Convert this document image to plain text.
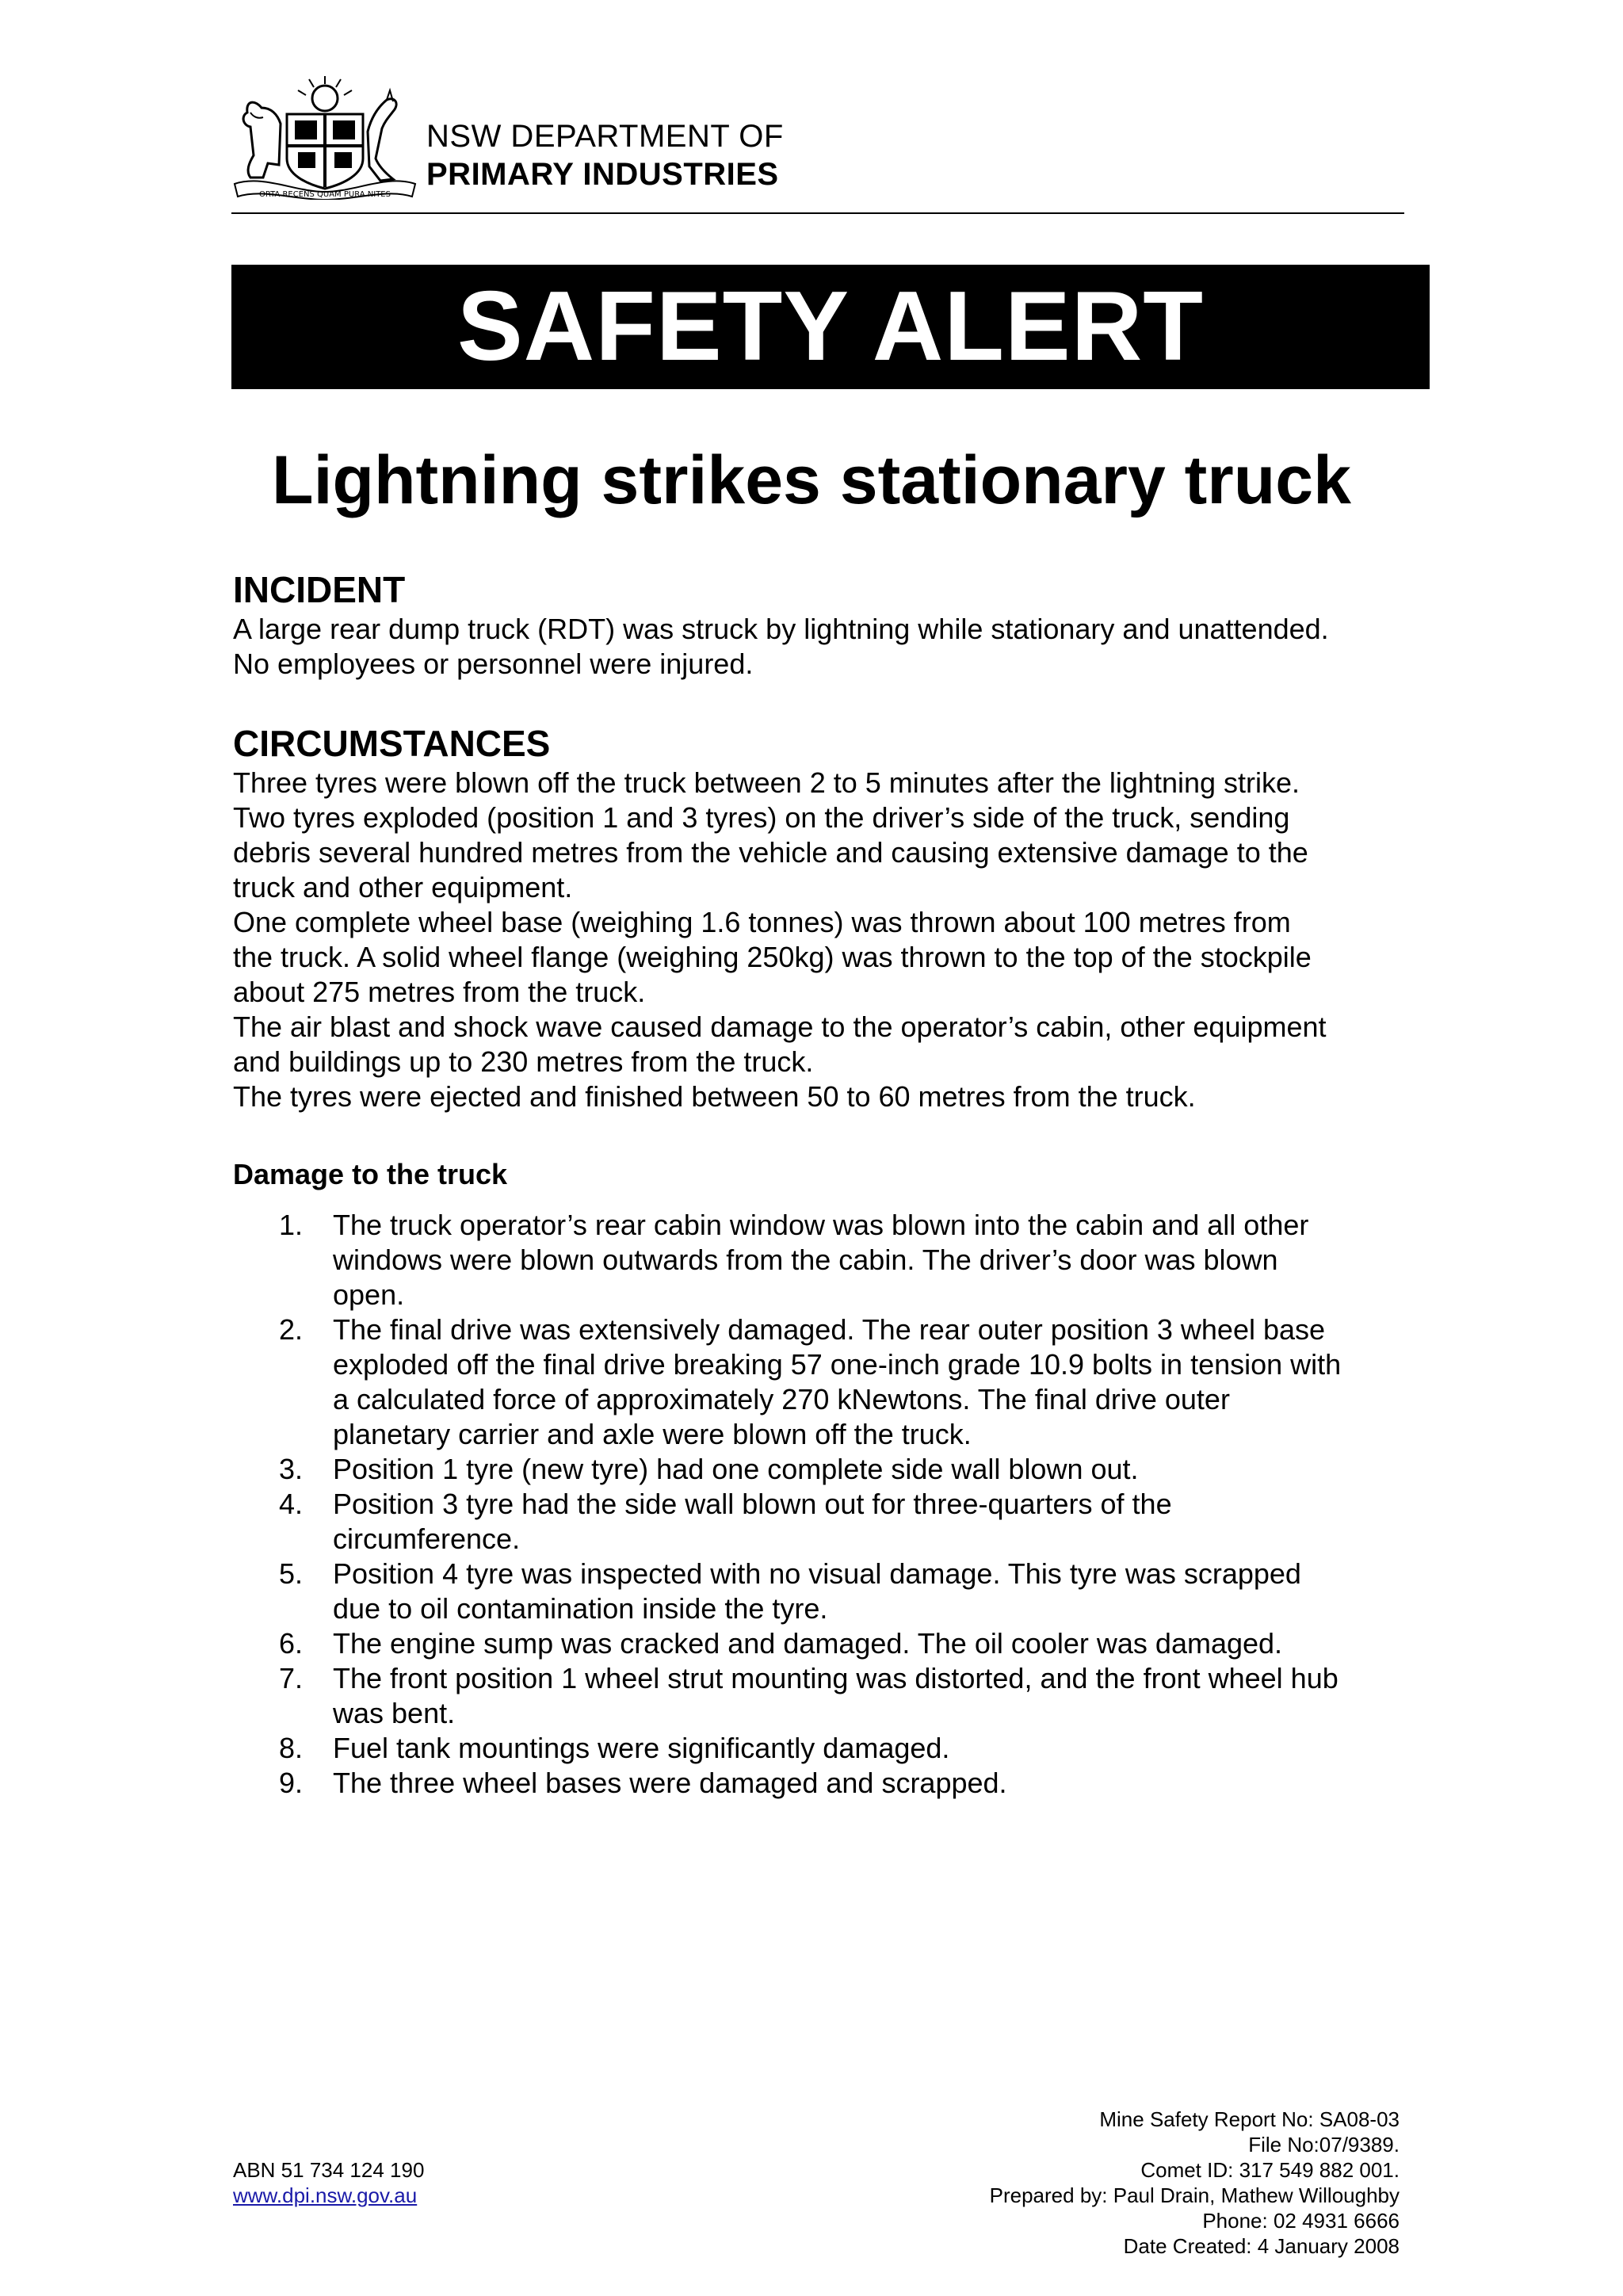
ORTA RECENS QUAM PURA NITES
NSW DEPARTMENT OF
PRIMARY INDUSTRIES
SAFETY ALERT
Lightning strikes stationary truck
INCIDENT

A large rear dump truck (RDT) was struck by lightning while stationary and unattended.
No employees or personnel were injured.

CIRCUMSTANCES

Three tyres were blown off the truck between 2 to 5 minutes after the lightning strike.
Two tyres exploded (position 1 and 3 tyres) on the driver’s side of the truck, sending
debris several hundred metres from the vehicle and causing extensive damage to the
truck and other equipment.
One complete wheel base (weighing 1.6 tonnes) was thrown about 100 metres from
the truck. A solid wheel flange (weighing 250kg) was thrown to the top of the stockpile
about 275 metres from the truck.
The air blast and shock wave caused damage to the operator’s cabin, other equipment
and buildings up to 230 metres from the truck.
The tyres were ejected and finished between 50 to 60 metres from the truck.

Damage to the truck
1. The truck operator’s rear cabin window was blown into the cabin and all other
windows were blown outwards from the cabin. The driver’s door was blown
open.
2. The final drive was extensively damaged. The rear outer position 3 wheel base
exploded off the final drive breaking 57 one-inch grade 10.9 bolts in tension with
a calculated force of approximately 270 kNewtons. The final drive outer
planetary carrier and axle were blown off the truck.
3. Position 1 tyre (new tyre) had one complete side wall blown out.
4. Position 3 tyre had the side wall blown out for three-quarters of the
circumference.
5. Position 4 tyre was inspected with no visual damage. This tyre was scrapped
due to oil contamination inside the tyre.
6. The engine sump was cracked and damaged. The oil cooler was damaged.
7. The front position 1 wheel strut mounting was distorted, and the front wheel hub
was bent.
8. Fuel tank mountings were significantly damaged.
9. The three wheel bases were damaged and scrapped.
ABN 51 734 124 190
www.dpi.nsw.gov.au
Mine Safety Report No: SA08-03
File No:07/9389.
Comet ID: 317 549 882 001.
Prepared by: Paul Drain, Mathew Willoughby
Phone: 02 4931 6666
Date Created: 4 January 2008
